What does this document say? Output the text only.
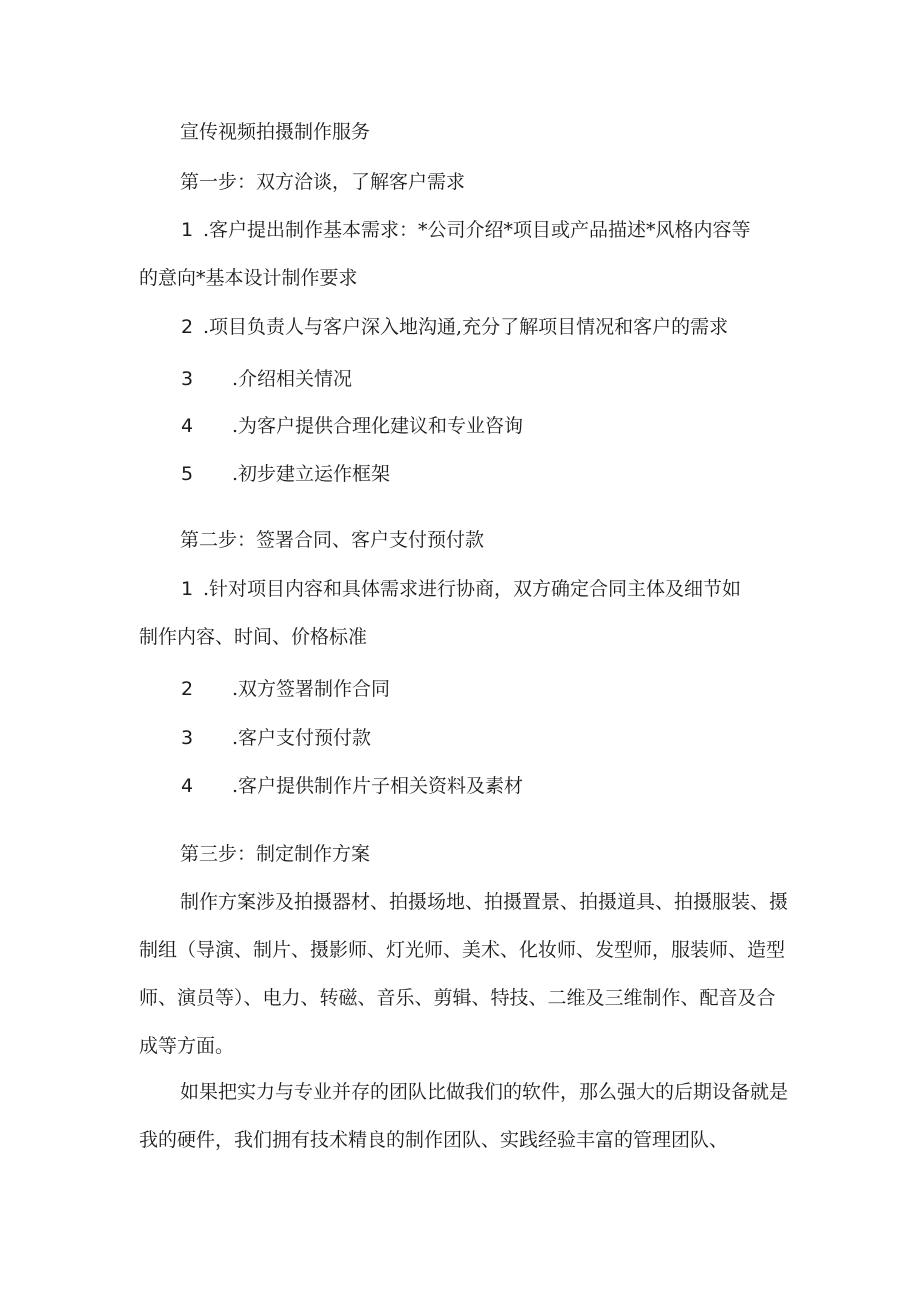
宣传视频拍摄制作服务
第一步：双方洽谈，了解客户需求
1 .客户提出制作基本需求：*公司介绍*项目或产品描述*风格内容等
的意向*基本设计制作要求
2 .项目负责人与客户深入地沟通,充分了解项目情况和客户的需求
3 .介绍相关情况
4 .为客户提供合理化建议和专业咨询
5 .初步建立运作框架
第二步：签署合同、客户支付预付款
1 .针对项目内容和具体需求进行协商，双方确定合同主体及细节如
制作内容、时间、价格标准
2 .双方签署制作合同
3 .客户支付预付款
4 .客户提供制作片子相关资料及素材
第三步：制定制作方案
制作方案涉及拍摄器材、拍摄场地、拍摄置景、拍摄道具、拍摄服装、摄制组（导演、制片、摄影师、灯光师、美术、化妆师、发型师，服装师、造型师、演员等）、电力、转磁、音乐、剪辑、特技、二维及三维制作、配音及合成等方面。
如果把实力与专业并存的团队比做我们的软件，那么强大的后期设备就是我的硬件，我们拥有技术精良的制作团队、实践经验丰富的管理团队、
